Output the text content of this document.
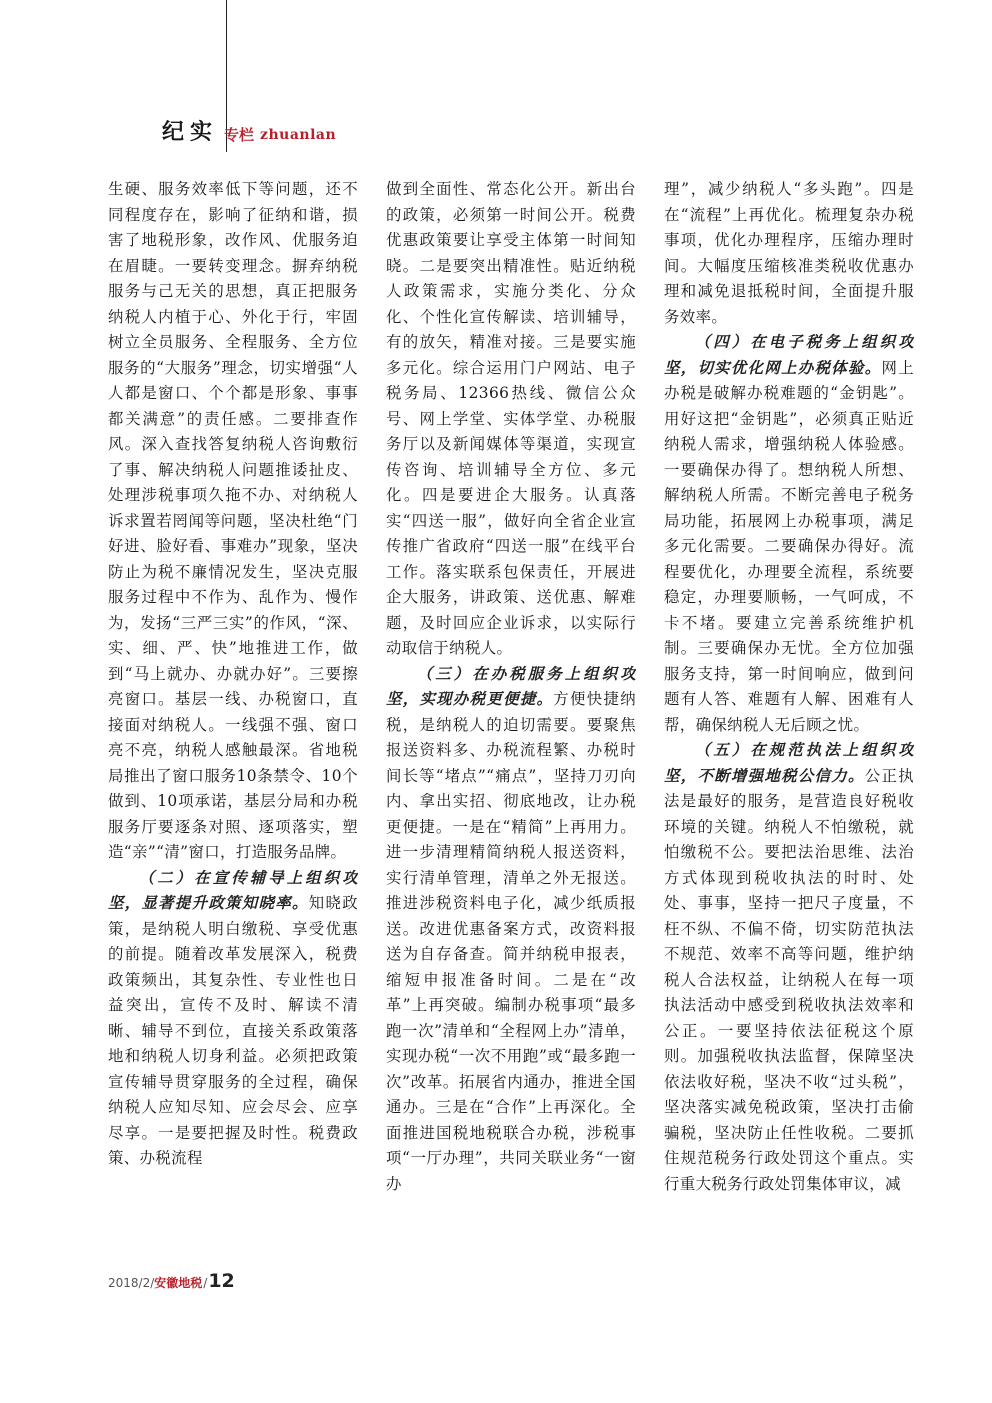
纪实 专栏 zhuanlan

生硬、服务效率低下等问题，还不同程度存在，影响了征纳和谐，损害了地税形象，改作风、优服务迫在眉睫。一要转变理念。摒弃纳税服务与己无关的思想，真正把服务纳税人内植于心、外化于行，牢固树立全员服务、全程服务、全方位服务的“大服务”理念，切实增强“人人都是窗口、个个都是形象、事事都关满意”的责任感。二要排查作风。深入查找答复纳税人咨询敷衍了事、解决纳税人问题推诿扯皮、处理涉税事项久拖不办、对纳税人诉求置若罔闻等问题，坚决杜绝“门好进、脸好看、事难办”现象，坚决防止为税不廉情况发生，坚决克服服务过程中不作为、乱作为、慢作为，发扬“三严三实”的作风，“深、实、细、严、快”地推进工作，做到“马上就办、办就办好”。三要擦亮窗口。基层一线、办税窗口，直接面对纳税人。一线强不强、窗口亮不亮，纳税人感触最深。省地税局推出了窗口服务10条禁令、10个做到、10项承诺，基层分局和办税服务厅要逐条对照、逐项落实，塑造“亲”“清”窗口，打造服务品牌。

（二）在宣传辅导上组织攻坚，显著提升政策知晓率。知晓政策，是纳税人明白缴税、享受优惠的前提。随着改革发展深入，税费政策频出，其复杂性、专业性也日益突出，宣传不及时、解读不清晰、辅导不到位，直接关系政策落地和纳税人切身利益。必须把政策宣传辅导贯穿服务的全过程，确保纳税人应知尽知、应会尽会、应享尽享。一是要把握及时性。税费政策、办税流程

做到全面性、常态化公开。新出台的政策，必须第一时间公开。税费优惠政策要让享受主体第一时间知晓。二是要突出精准性。贴近纳税人政策需求，实施分类化、分众化、个性化宣传解读、培训辅导，有的放矢，精准对接。三是要实施多元化。综合运用门户网站、电子税务局、12366热线、微信公众号、网上学堂、实体学堂、办税服务厅以及新闻媒体等渠道，实现宣传咨询、培训辅导全方位、多元化。四是要进企大服务。认真落实“四送一服”，做好向全省企业宣传推广省政府“四送一服”在线平台工作。落实联系包保责任，开展进企大服务，讲政策、送优惠、解难题，及时回应企业诉求，以实际行动取信于纳税人。

（三）在办税服务上组织攻坚，实现办税更便捷。方便快捷纳税，是纳税人的迫切需要。要聚焦报送资料多、办税流程繁、办税时间长等“堵点”“痛点”，坚持刀刃向内、拿出实招、彻底地改，让办税更便捷。一是在“精简”上再用力。进一步清理精简纳税人报送资料，实行清单管理，清单之外无报送。推进涉税资料电子化，减少纸质报送。改进优惠备案方式，改资料报送为自存备查。简并纳税申报表，缩短申报准备时间。二是在“改革”上再突破。编制办税事项“最多跑一次”清单和“全程网上办”清单，实现办税“一次不用跑”或“最多跑一次”改革。拓展省内通办，推进全国通办。三是在“合作”上再深化。全面推进国税地税联合办税，涉税事项“一厅办理”，共同关联业务“一窗办

理”，减少纳税人“多头跑”。四是在“流程”上再优化。梳理复杂办税事项，优化办理程序，压缩办理时间。大幅度压缩核准类税收优惠办理和减免退抵税时间，全面提升服务效率。

（四）在电子税务上组织攻坚，切实优化网上办税体验。网上办税是破解办税难题的“金钥匙”。用好这把“金钥匙”，必须真正贴近纳税人需求，增强纳税人体验感。一要确保办得了。想纳税人所想、解纳税人所需。不断完善电子税务局功能，拓展网上办税事项，满足多元化需要。二要确保办得好。流程要优化，办理要全流程，系统要稳定，办理要顺畅，一气呵成，不卡不堵。要建立完善系统维护机制。三要确保办无忧。全方位加强服务支持，第一时间响应，做到问题有人答、难题有人解、困难有人帮，确保纳税人无后顾之忧。

（五）在规范执法上组织攻坚，不断增强地税公信力。公正执法是最好的服务，是营造良好税收环境的关键。纳税人不怕缴税，就怕缴税不公。要把法治思维、法治方式体现到税收执法的时时、处处、事事，坚持一把尺子度量，不枉不纵、不偏不倚，切实防范执法不规范、效率不高等问题，维护纳税人合法权益，让纳税人在每一项执法活动中感受到税收执法效率和公正。一要坚持依法征税这个原则。加强税收执法监督，保障坚决依法收好税，坚决不收“过头税”，坚决落实减免税政策，坚决打击偷骗税，坚决防止任性收税。二要抓住规范税务行政处罚这个重点。实行重大税务行政处罚集体审议，减

2018/2/ 安徽地税 / 12
